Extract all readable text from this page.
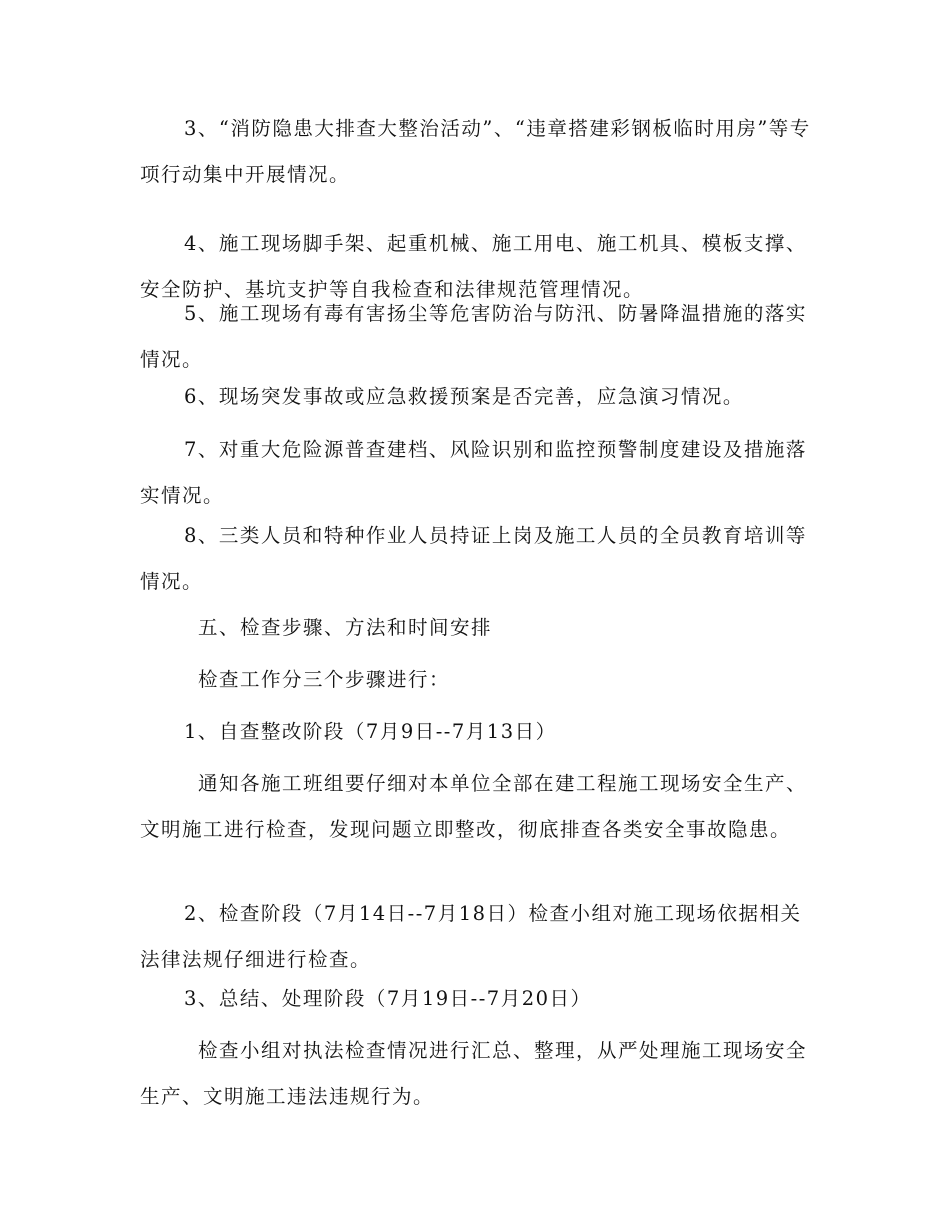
3、“消防隐患大排查大整治活动”、“违章搭建彩钢板临时用房”等专项行动集中开展情况。

4、施工现场脚手架、起重机械、施工用电、施工机具、模板支撑、安全防护、基坑支护等自我检查和法律规范管理情况。

5、施工现场有毒有害扬尘等危害防治与防汛、防暑降温措施的落实情况。

6、现场突发事故或应急救援预案是否完善，应急演习情况。

7、对重大危险源普查建档、风险识别和监控预警制度建设及措施落实情况。

8、三类人员和特种作业人员持证上岗及施工人员的全员教育培训等情况。

五、检查步骤、方法和时间安排

检查工作分三个步骤进行：

1、自查整改阶段（7月9日--7月13日）

通知各施工班组要仔细对本单位全部在建工程施工现场安全生产、文明施工进行检查，发现问题立即整改，彻底排查各类安全事故隐患。

2、检查阶段（7月14日--7月18日）检查小组对施工现场依据相关法律法规仔细进行检查。

3、总结、处理阶段（7月19日--7月20日）

检查小组对执法检查情况进行汇总、整理，从严处理施工现场安全生产、文明施工违法违规行为。
